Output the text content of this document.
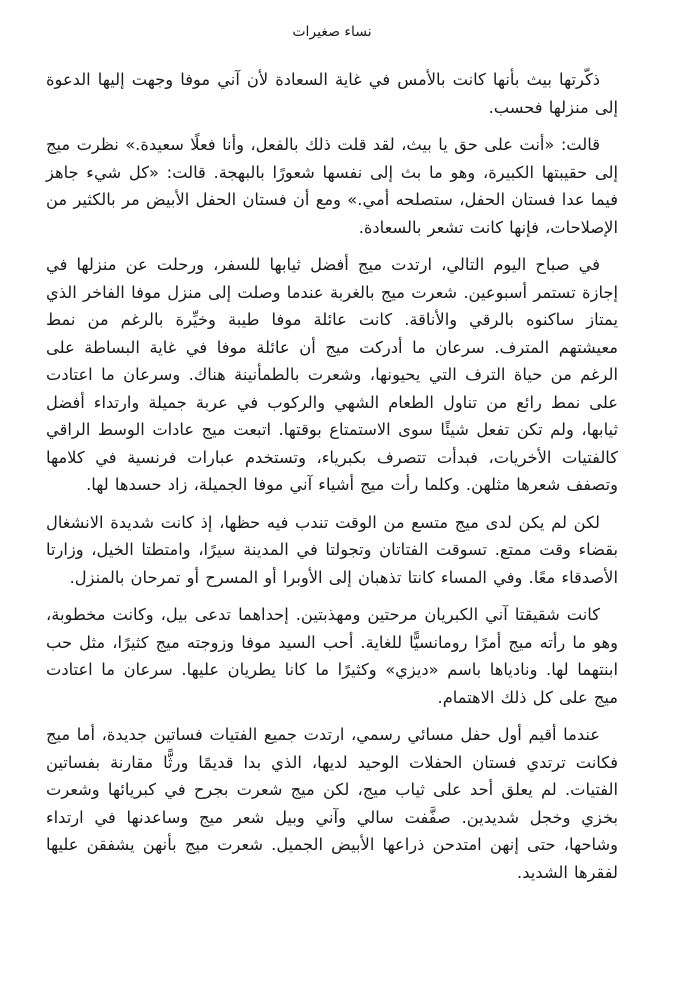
نساء صغيرات

ذكّرتها بيث بأنها كانت بالأمس في غاية السعادة لأن آني موفا وجهت إليها الدعوة إلى منزلها فحسب.

قالت: «أنت على حق يا بيث، لقد قلت ذلك بالفعل، وأنا فعلًا سعيدة.» نظرت ميج إلى حقيبتها الكبيرة، وهو ما بث إلى نفسها شعورًا بالبهجة. قالت: «كل شيء جاهز فيما عدا فستان الحفل، ستصلحه أمي.» ومع أن فستان الحفل الأبيض مر بالكثير من الإصلاحات، فإنها كانت تشعر بالسعادة.

في صباح اليوم التالي، ارتدت ميج أفضل ثيابها للسفر، ورحلت عن منزلها في إجازة تستمر أسبوعين. شعرت ميج بالغربة عندما وصلت إلى منزل موفا الفاخر الذي يمتاز ساكنوه بالرقي والأناقة. كانت عائلة موفا طيبة وخيِّرة بالرغم من نمط معيشتهم المترف. سرعان ما أدركت ميج أن عائلة موفا في غاية البساطة على الرغم من حياة الترف التي يحيونها، وشعرت بالطمأنينة هناك. وسرعان ما اعتادت على نمط رائع من تناول الطعام الشهي والركوب في عربة جميلة وارتداء أفضل ثيابها، ولم تكن تفعل شيئًا سوى الاستمتاع بوقتها. اتبعت ميج عادات الوسط الراقي كالفتيات الأخريات، فبدأت تتصرف بكبرياء، وتستخدم عبارات فرنسية في كلامها وتصفف شعرها مثلهن. وكلما رأت ميج أشياء آني موفا الجميلة، زاد حسدها لها.

لكن لم يكن لدى ميج متسع من الوقت تندب فيه حظها، إذ كانت شديدة الانشغال بقضاء وقت ممتع. تسوقت الفتاتان وتجولتا في المدينة سيرًا، وامتطتا الخيل، وزارتا الأصدقاء معًا. وفي المساء كانتا تذهبان إلى الأوبرا أو المسرح أو تمرحان بالمنزل.

كانت شقيقتا آني الكبريان مرحتين ومهذبتين. إحداهما تدعى بيل، وكانت مخطوبة، وهو ما رأته ميج أمرًا رومانسيًّا للغاية. أحب السيد موفا وزوجته ميج كثيرًا، مثل حب ابنتهما لها. ونادياها باسم «ديزي» وكثيرًا ما كانا يطريان عليها. سرعان ما اعتادت ميج على كل ذلك الاهتمام.

عندما أقيم أول حفل مسائي رسمي، ارتدت جميع الفتيات فساتين جديدة، أما ميج فكانت ترتدي فستان الحفلات الوحيد لديها، الذي بدا قديمًا ورثًّا مقارنة بفساتين الفتيات. لم يعلق أحد على ثياب ميج، لكن ميج شعرت بجرح في كبريائها وشعرت بخزي وخجل شديدين. صفَّفت سالي وآني وبيل شعر ميج وساعدنها في ارتداء وشاحها، حتى إنهن امتدحن ذراعها الأبيض الجميل. شعرت ميج بأنهن يشفقن عليها لفقرها الشديد.
